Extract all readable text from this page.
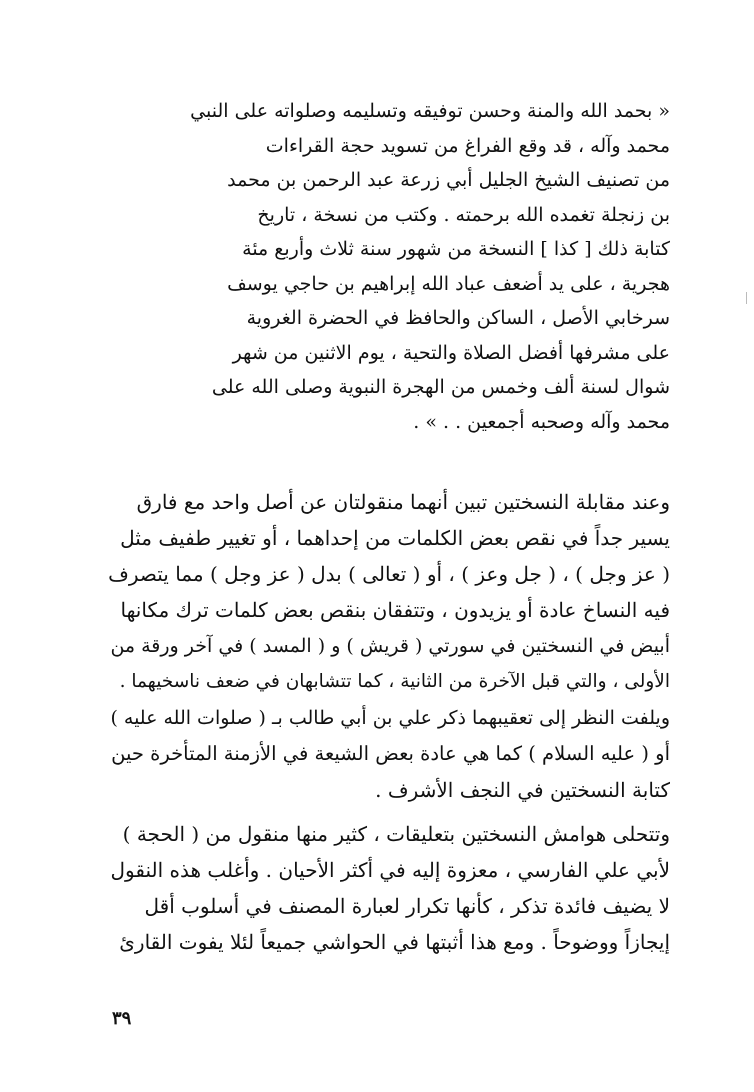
« بحمد الله والمنة وحسن توفيقه وتسليمه وصلواته على النبي
محمد وآله ، قد وقع الفراغ من تسويد حجة القراءات
من تصنيف الشيخ الجليل أبي زرعة عبد الرحمن بن محمد
بن زنجلة تغمده الله برحمته . وكتب من نسخة ، تاريخ
كتابة ذلك [ كذا ] النسخة من شهور سنة ثلاث وأربع مئة
هجرية ، على يد أضعف عباد الله إبراهيم بن حاجي يوسف
سرخابي الأصل ، الساكن والحافظ في الحضرة الغروية
على مشرفها أفضل الصلاة والتحية ، يوم الاثنين من شهر
شوال لسنة ألف وخمس من الهجرة النبوية وصلى الله على
محمد وآله وصحبه أجمعين . . » .
وعند مقابلة النسختين تبين أنهما منقولتان عن أصل واحد مع فارق
يسير جداً في نقص بعض الكلمات من إحداهما ، أو تغيير طفيف مثل
( عز وجل ) ، ( جل وعز ) ، أو ( تعالى ) بدل ( عز وجل ) مما يتصرف
فيه النساخ عادة أو يزيدون ، وتتفقان بنقص بعض كلمات ترك مكانها
أبيض في النسختين في سورتي ( قريش ) و ( المسد ) في آخر ورقة من
الأولى ، والتي قبل الآخرة من الثانية ، كما تتشابهان في ضعف ناسخيهما .
ويلفت النظر إلى تعقيبهما ذكر علي بن أبي طالب بـ ( صلوات الله عليه )
أو ( عليه السلام ) كما هي عادة بعض الشيعة في الأزمنة المتأخرة حين
كتابة النسختين في النجف الأشرف .
وتتحلى هوامش النسختين بتعليقات ، كثير منها منقول من ( الحجة )
لأبي علي الفارسي ، معزوة إليه في أكثر الأحيان . وأغلب هذه النقول
لا يضيف فائدة تذكر ، كأنها تكرار لعبارة المصنف في أسلوب أقل
إيجازاً ووضوحاً . ومع هذا أثبتها في الحواشي جميعاً لئلا يفوت القارئ
٣٩
